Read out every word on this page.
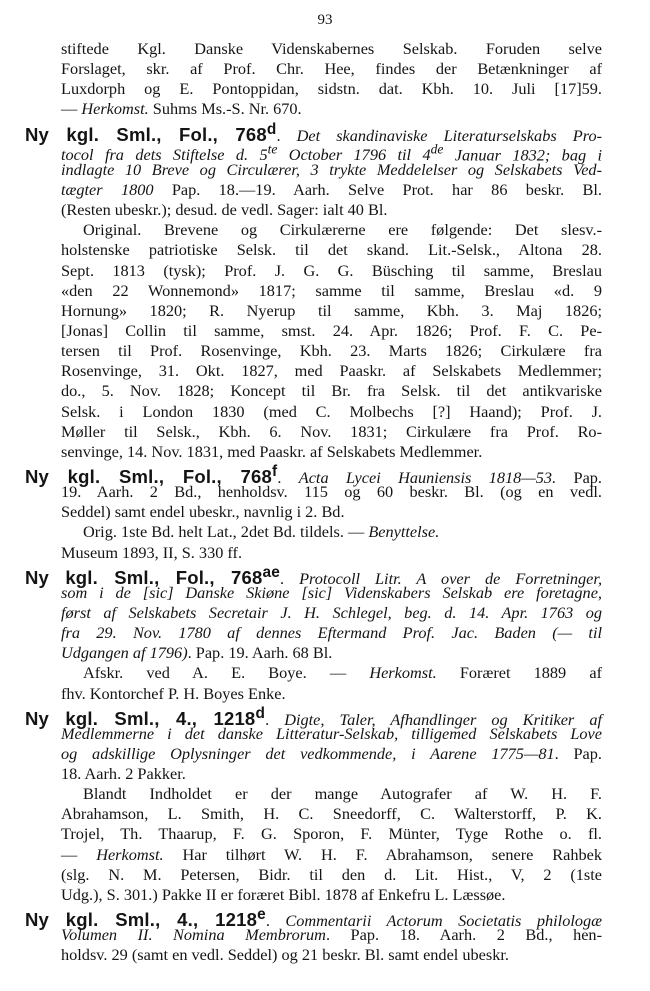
93
stiftede Kgl. Danske Videnskabernes Selskab. Foruden selve
Forslaget, skr. af Prof. Chr. Hee, findes der Betænkninger af
Luxdorph og E. Pontoppidan, sidstn. dat. Kbh. 10. Juli [17]59.
— Herkomst. Suhms Ms.-S. Nr. 670.
Ny kgl. Sml., Fol., 768$^d$. Det skandinaviske Literaturselskabs Pro-
tocol fra dets Stiftelse d. $5^{te}$ October 1796 til 4de Januar 1832; bag i
indlagte 10 Breve og Circulærer, 3 trykte Meddelelser og Selskabets Ved-
tægter 1800 Pap. 18.—19. Aarh. Selve Prot. har 86 beskr. Bl.
(Resten ubeskr.); desud. de vedl. Sager: ialt 40 Bl.
Original. Brevene og Cirkulærerne ere følgende: Det slesv.-
holstenske patriotiske Selsk. til det skand. Lit.-Selsk., Altona 28.
Sept. 1813 (tysk); Prof. J. G. G. Büsching til samme, Breslau
«den 22 Wonnemond» 1817; samme til samme, Breslau «d. 9
Hornung» 1820; R. Nyerup til samme, Kbh. 3. Maj 1826;
[Jonas] Collin til samme, smst. 24. Apr. 1826; Prof. F. C. Pe-
tersen til Prof. Rosenvinge, Kbh. 23. Marts 1826; Cirkulære fra
Rosenvinge, 31. Okt. 1827, med Paaskr. af Selskabets Medlemmer;
do., 5. Nov. 1828; Koncept til Br. fra Selsk. til det antikvariske
Selsk. i London 1830 (med C. Molbechs [?] Haand); Prof. J.
Møller til Selsk., Kbh. 6. Nov. 1831; Cirkulære fra Prof. Ro-
senvinge, 14. Nov. 1831, med Paaskr. af Selskabets Medlemmer.
Ny kgl. Sml., Fol., 768$^f$. Acta Lycei Hauniensis 1818—53. Pap.
19. Aarh. 2 Bd., henholdsv. 115 og 60 beskr. Bl. (og en vedl.
Seddel) samt endel ubeskr., navnlig i 2. Bd.
Orig. 1ste Bd. helt Lat., 2det Bd. tildels. — Benyttelse.
Museum 1893, II, S. 330 ff.
Ny kgl. Sml., Fol., $768^{ae}$. Protocoll Litr. A over de Forretninger,
som i de [sic] Danske Skiøne [sic] Videnskabers Selskab ere foretagne,
først af Selskabets Secretair J. H. Schlegel, beg. d. 14. Apr. 1763 og
fra 29. Nov. 1780 af dennes Eftermand Prof. Jac. Baden (— til
Udgangen af 1796). Pap. 19. Aarh. 68 Bl.
Afskr. ved A. E. Boye. — Herkomst. Foræret 1889 af
fhv. Kontorchef P. H. Boyes Enke.
Ny kgl. Sml., 4., 1218$^d$. Digte, Taler, Afhandlinger og Kritiker af
Medlemmerne i det danske Litteratur-Selskab, tilligemed Selskabets Love
og adskillige Oplysninger det vedkommende, i Aarene 1775—81. Pap.
18. Aarh. 2 Pakker.
Blandt Indholdet er der mange Autografer af W. H. F.
Abrahamson, L. Smith, H. C. Sneedorff, C. Walterstorff, P. K.
Trojel, Th. Thaarup, F. G. Sporon, F. Münter, Tyge Rothe o. fl.
— Herkomst. Har tilhørt W. H. F. Abrahamson, senere Rahbek
(slg. N. M. Petersen, Bidr. til den d. Lit. Hist., V, 2 (1ste
Udg.), S. 301.) Pakke II er foræret Bibl. 1878 af Enkefru L. Læssøe.
Ny kgl. Sml., 4., 1218e. Commentarii Actorum Societatis philologæ
Volumen II. Nomina Membrorum. Pap. 18. Aarh. 2 Bd., hen-
holdsv. 29 (samt en vedl. Seddel) og 21 beskr. Bl. samt endel ubeskr.
